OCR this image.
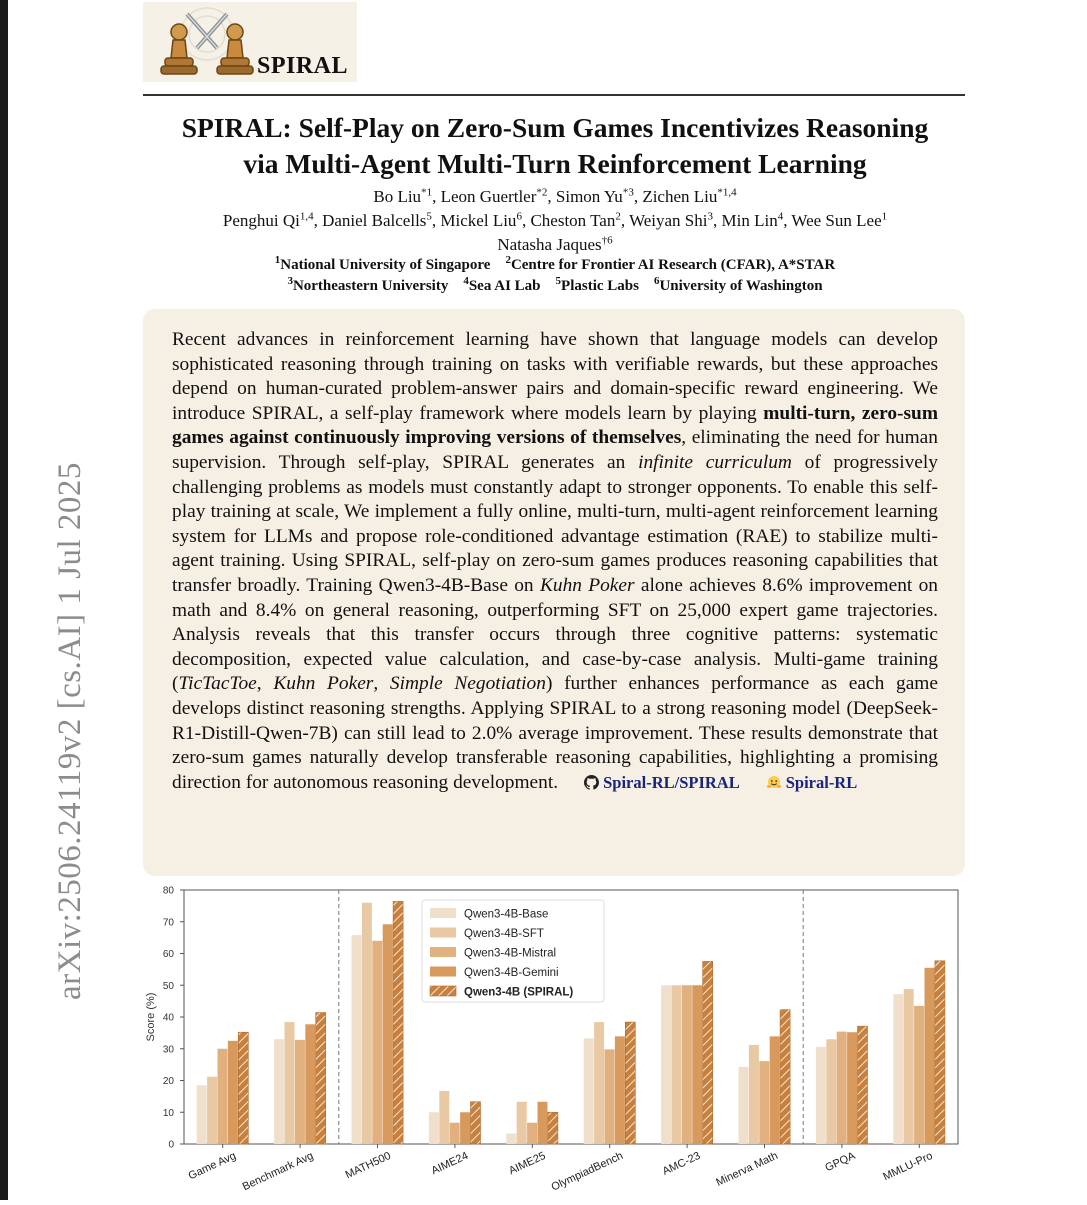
arXiv:2506.24119v2 [cs.AI] 1 Jul 2025
SPIRAL
SPIRAL: Self-Play on Zero-Sum Games Incentivizes Reasoning
via Multi-Agent Multi-Turn Reinforcement Learning
Bo Liu$^{*1}$, Leon Guertler$^{*2}$, Simon Yu$^{*3}$, Zichen Liu$^{*1,4}$
Penghui Qi$^{1,4}$, Daniel Balcells$^5$, Mickel Liu$^6$, Cheston Tan$^2$, Weiyan Shi$^3$, Min Lin$^4$, Wee Sun Lee$^1$
Natasha Jaques$^{\dagger 6}$
$^1$National University of Singapore  $^2$Centre for Frontier AI Research (CFAR), A*STAR
$^3$Northeastern University  $^4$Sea AI Lab  $^5$Plastic Labs  $^6$University of Washington
Recent advances in reinforcement learning have shown that language models can develop sophisticated reasoning through training on tasks with verifiable rewards, but these approaches depend on human-curated problem-answer pairs and domain-specific reward engineering. We introduce SPIRAL, a self-play framework where models learn by playing multi-turn, zero-sum games against continuously improving versions of themselves, eliminating the need for human supervision. Through self-play, SPIRAL generates an infinite curriculum of progressively challenging problems as models must constantly adapt to stronger opponents. To enable this self-play training at scale, We implement a fully online, multi-turn, multi-agent reinforcement learning system for LLMs and propose role-conditioned advantage estimation (RAE) to stabilize multi-agent training. Using SPIRAL, self-play on zero-sum games produces reasoning capabilities that transfer broadly. Training Qwen3-4B-Base on Kuhn Poker alone achieves 8.6% improvement on math and 8.4% on general reasoning, outperforming SFT on 25,000 expert game trajectories. Analysis reveals that this transfer occurs through three cognitive patterns: systematic decomposition, expected value calculation, and case-by-case analysis. Multi-game training (TicTacToe, Kuhn Poker, Simple Negotiation) further enhances performance as each game develops distinct reasoning strengths. Applying SPIRAL to a strong reasoning model (DeepSeek-R1-Distill-Qwen-7B) can still lead to 2.0% average improvement. These results demonstrate that zero-sum games naturally develop transferable reasoning capabilities, highlighting a promising direction for autonomous reasoning development.	Spiral-RL/SPIRAL	Spiral-RL
0
10
20
30
40
50
60
70
80
Score (%)
Game Avg Benchmark Avg	MATH500	AIME24	AIME25 OlympiadBench	AMC-23 Minerva Math	GPQA MMLU-Pro
Qwen3-4B-Base
Qwen3-4B-SFT
Qwen3-4B-Mistral
Qwen3-4B-Gemini
Qwen3-4B (SPIRAL)
